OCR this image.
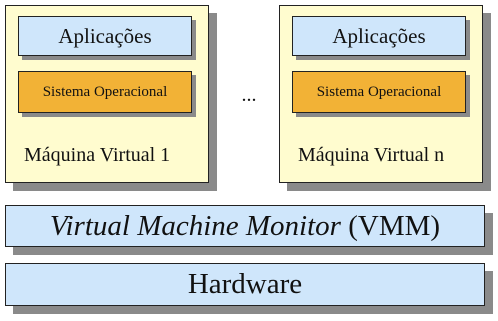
Aplicações
Sistema Operacional
Máquina Virtual 1
...
Aplicações
Sistema Operacional
Máquina Virtual n
Virtual Machine Monitor (VMM)
Hardware
